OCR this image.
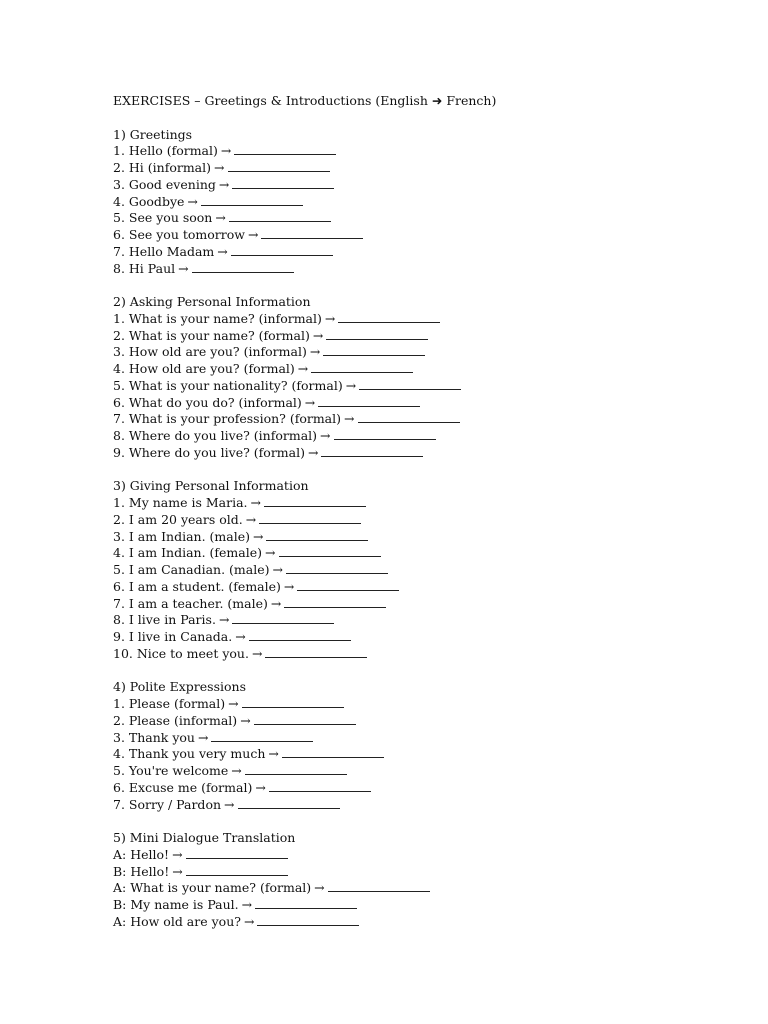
EXERCISES – Greetings & Introductions (English ➜ French)
1) Greetings
1. Hello (formal) →
2. Hi (informal) →
3. Good evening →
4. Goodbye →
5. See you soon →
6. See you tomorrow →
7. Hello Madam →
8. Hi Paul →
2) Asking Personal Information
1. What is your name? (informal) →
2. What is your name? (formal) →
3. How old are you? (informal) →
4. How old are you? (formal) →
5. What is your nationality? (formal) →
6. What do you do? (informal) →
7. What is your profession? (formal) →
8. Where do you live? (informal) →
9. Where do you live? (formal) →
3) Giving Personal Information
1. My name is Maria. →
2. I am 20 years old. →
3. I am Indian. (male) →
4. I am Indian. (female) →
5. I am Canadian. (male) →
6. I am a student. (female) →
7. I am a teacher. (male) →
8. I live in Paris. →
9. I live in Canada. →
10. Nice to meet you. →
4) Polite Expressions
1. Please (formal) →
2. Please (informal) →
3. Thank you →
4. Thank you very much →
5. You're welcome →
6. Excuse me (formal) →
7. Sorry / Pardon →
5) Mini Dialogue Translation
A: Hello! →
B: Hello! →
A: What is your name? (formal) →
B: My name is Paul. →
A: How old are you? →
